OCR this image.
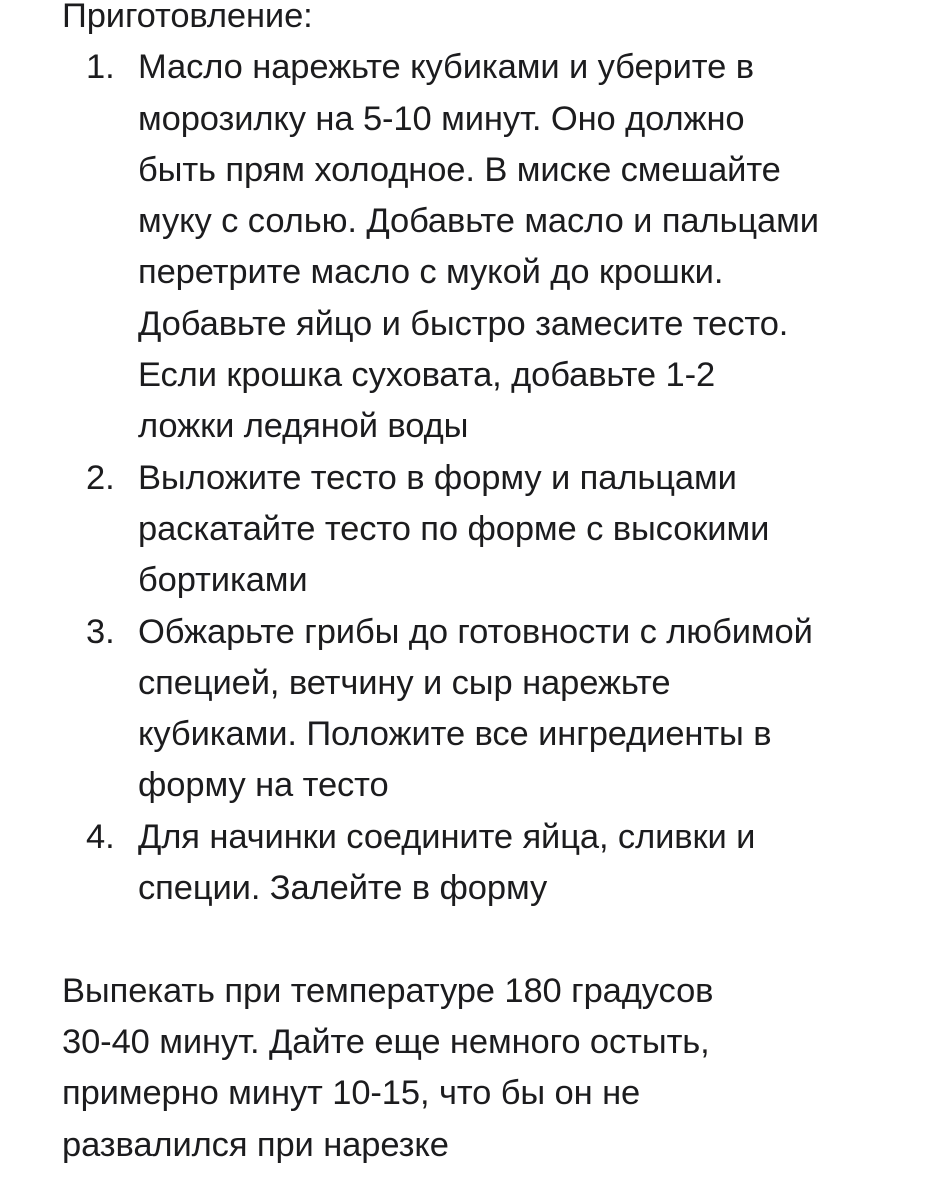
Приготовление:

1. Масло нарежьте кубиками и уберите в
морозилку на 5-10 минут. Оно должно
быть прям холодное. В миске смешайте
муку с солью. Добавьте масло и пальцами
перетрите масло с мукой до крошки.
Добавьте яйцо и быстро замесите тесто.
Если крошка суховата, добавьте 1-2
ложки ледяной воды
2. Выложите тесто в форму и пальцами
раскатайте тесто по форме с высокими
бортиками
3. Обжарьте грибы до готовности с любимой
специей, ветчину и сыр нарежьте
кубиками. Положите все ингредиенты в
форму на тесто
4. Для начинки соедините яйца, сливки и
специи. Залейте в форму

Выпекать при температуре 180 градусов
30-40 минут. Дайте еще немного остыть,
примерно минут 10-15, что бы он не
развалился при нарезке
